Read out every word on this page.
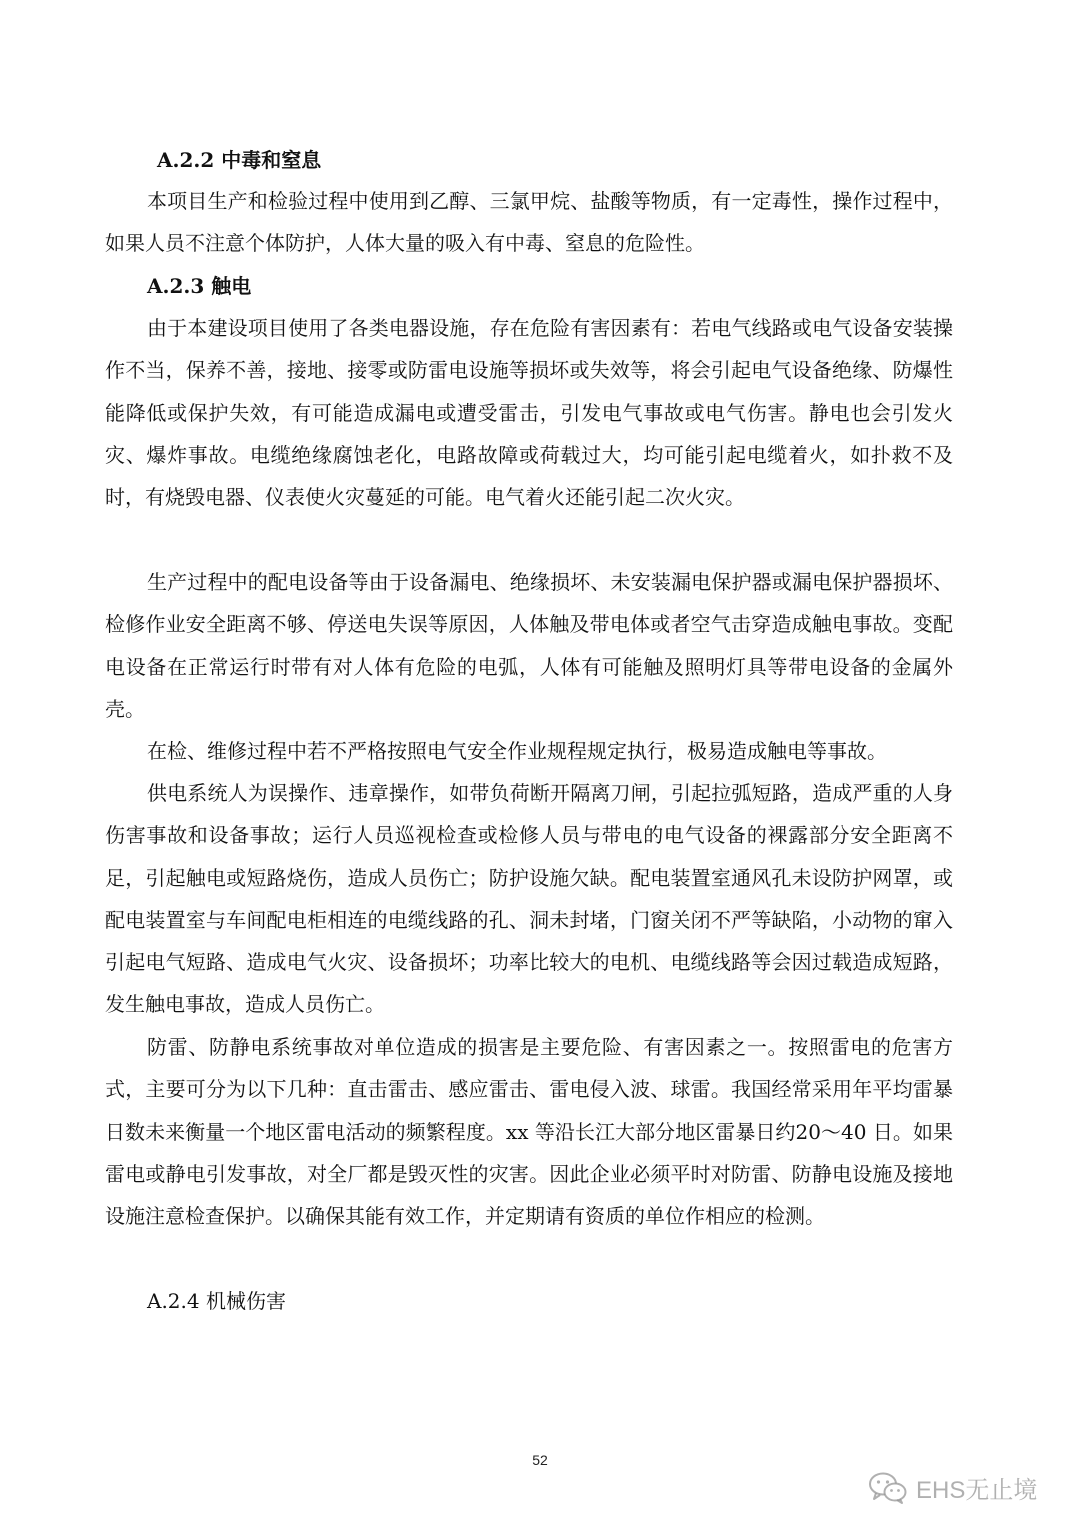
A.2.2 中毒和窒息

本项目生产和检验过程中使用到乙醇、三氯甲烷、盐酸等物质，有一定毒性，操作过程中，如果人员不注意个体防护，人体大量的吸入有中毒、窒息的危险性。

A.2.3 触电

由于本建设项目使用了各类电器设施，存在危险有害因素有：若电气线路或电气设备安装操作不当，保养不善，接地、接零或防雷电设施等损坏或失效等，将会引起电气设备绝缘、防爆性能降低或保护失效，有可能造成漏电或遭受雷击，引发电气事故或电气伤害。静电也会引发火灾、爆炸事故。电缆绝缘腐蚀老化，电路故障或荷载过大，均可能引起电缆着火，如扑救不及时，有烧毁电器、仪表使火灾蔓延的可能。电气着火还能引起二次火灾。

生产过程中的配电设备等由于设备漏电、绝缘损坏、未安装漏电保护器或漏电保护器损坏、检修作业安全距离不够、停送电失误等原因，人体触及带电体或者空气击穿造成触电事故。变配电设备在正常运行时带有对人体有危险的电弧，人体有可能触及照明灯具等带电设备的金属外壳。

在检、维修过程中若不严格按照电气安全作业规程规定执行，极易造成触电等事故。

供电系统人为误操作、违章操作，如带负荷断开隔离刀闸，引起拉弧短路，造成严重的人身伤害事故和设备事故；运行人员巡视检查或检修人员与带电的电气设备的裸露部分安全距离不足，引起触电或短路烧伤，造成人员伤亡；防护设施欠缺。配电装置室通风孔未设防护网罩，或配电装置室与车间配电柜相连的电缆线路的孔、洞未封堵，门窗关闭不严等缺陷，小动物的窜入引起电气短路、造成电气火灾、设备损坏；功率比较大的电机、电缆线路等会因过载造成短路，发生触电事故，造成人员伤亡。

防雷、防静电系统事故对单位造成的损害是主要危险、有害因素之一。按照雷电的危害方式，主要可分为以下几种：直击雷击、感应雷击、雷电侵入波、球雷。我国经常采用年平均雷暴日数未来衡量一个地区雷电活动的频繁程度。xx 等沿长江大部分地区雷暴日约20～40 日。如果雷电或静电引发事故，对全厂都是毁灭性的灾害。因此企业必须平时对防雷、防静电设施及接地设施注意检查保护。以确保其能有效工作，并定期请有资质的单位作相应的检测。

A.2.4 机械伤害
52
EHS无止境
